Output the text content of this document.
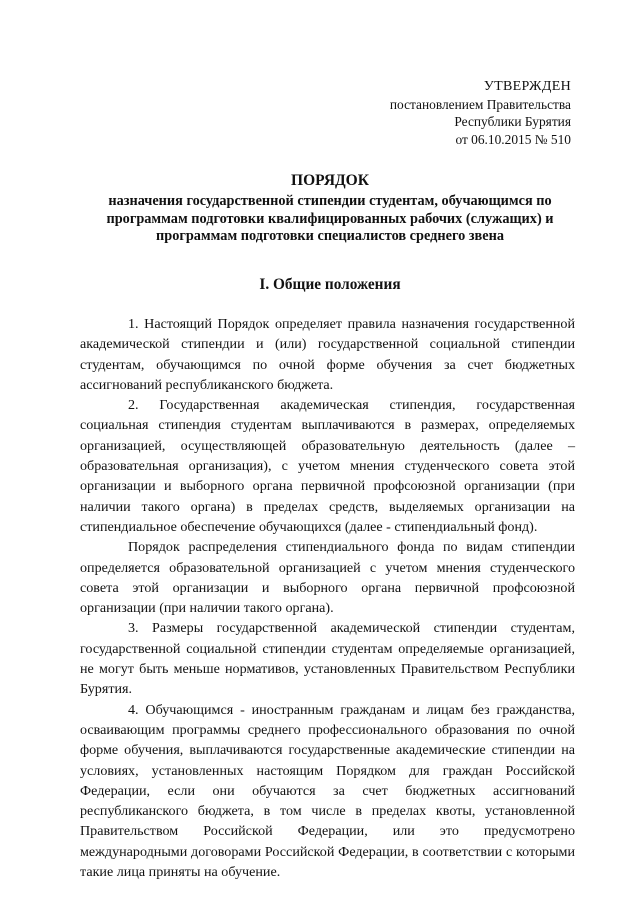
УТВЕРЖДЕН
постановлением Правительства
Республики Бурятия
от 06.10.2015 № 510
ПОРЯДОК
назначения государственной стипендии студентам, обучающимся по программам подготовки квалифицированных рабочих (служащих) и программам подготовки специалистов среднего звена
I. Общие положения

1. Настоящий Порядок определяет правила назначения государственной академической стипендии и (или) государственной социальной стипендии студентам, обучающимся по очной форме обучения за счет бюджетных ассигнований республиканского бюджета.

2. Государственная академическая стипендия, государственная социальная стипендия студентам выплачиваются в размерах, определяемых организацией, осуществляющей образовательную деятельность (далее – образовательная организация), с учетом мнения студенческого совета этой организации и выборного органа первичной профсоюзной организации (при наличии такого органа) в пределах средств, выделяемых организации на стипендиальное обеспечение обучающихся (далее - стипендиальный фонд).

Порядок распределения стипендиального фонда по видам стипендии определяется образовательной организацией с учетом мнения студенческого совета этой организации и выборного органа первичной профсоюзной организации (при наличии такого органа).

3. Размеры государственной академической стипендии студентам, государственной социальной стипендии студентам определяемые организацией, не могут быть меньше нормативов, установленных Правительством Республики Бурятия.

4. Обучающимся - иностранным гражданам и лицам без гражданства, осваивающим программы среднего профессионального образования по очной форме обучения, выплачиваются государственные академические стипендии на условиях, установленных настоящим Порядком для граждан Российской Федерации, если они обучаются за счет бюджетных ассигнований республиканского бюджета, в том числе в пределах квоты, установленной Правительством Российской Федерации, или это предусмотрено международными договорами Российской Федерации, в соответствии с которыми такие лица приняты на обучение.
